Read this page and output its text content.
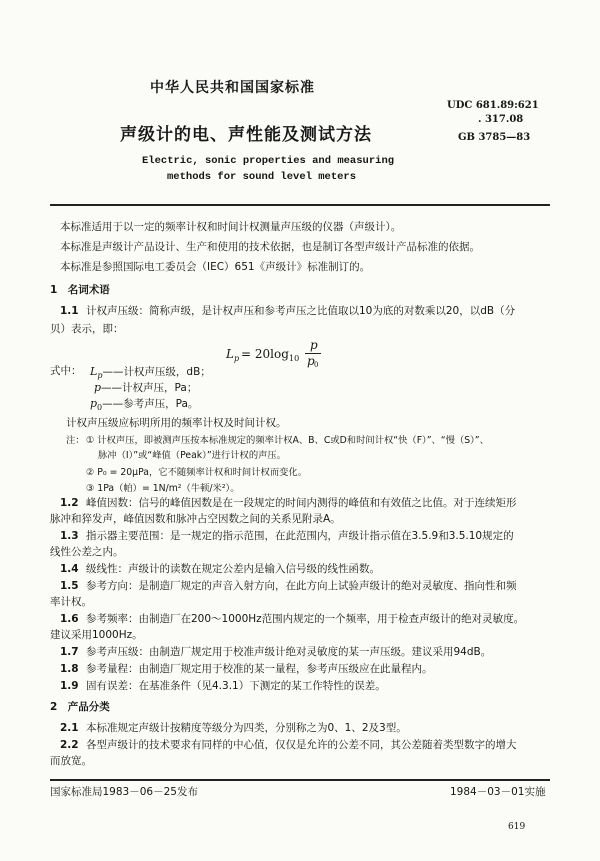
中华人民共和国国家标准
UDC 681.89:621
. 317.08
GB 3785—83
声级计的电、声性能及测试方法
Electric, sonic properties and measuring
methods for sound level meters
本标准适用于以一定的频率计权和时间计权测量声压级的仪器（声级计）。
本标准是声级计产品设计、生产和使用的技术依据，也是制订各型声级计产品标准的依据。
本标准是参照国际电工委员会（IEC）651《声级计》标准制订的。
1　名词术语
1.1 计权声压级：简称声级，是计权声压和参考声压之比值取以10为底的对数乘以20，以dB（分
贝）表示，即：
L p = 20log 10
p
p 0
式中： $L_p——$计权声压级，dB；
p——计权声压，Pa；
$p_0——$参考声压，Pa。
计权声压级应标明所用的频率计权及时间计权。
注： ① 计权声压，即被测声压按本标准规定的频率计权A、B、C或D和时间计权“快（F）”、“慢（S）”、
脉冲（I）”或“峰值（Peak）”进行计权的声压。
② P₀ = 20μPa，它不随频率计权和时间计权而变化。
③ 1Pa（帕）= 1N/m²（牛顿/米²）。
1.2 峰值因数：信号的峰值因数是在一段规定的时间内测得的峰值和有效值之比值。对于连续矩形
脉冲和猝发声，峰值因数和脉冲占空因数之间的关系见附录A。
1.3 指示器主要范围：是一规定的指示范围，在此范围内，声级计指示值在3.5.9和3.5.10规定的
线性公差之内。
1.4 级线性：声级计的读数在规定公差内是输入信号级的线性函数。
1.5 参考方向：是制造厂规定的声音入射方向，在此方向上试验声级计的绝对灵敏度、指向性和频
率计权。
1.6 参考频率：由制造厂在200～1000Hz范围内规定的一个频率，用于检查声级计的绝对灵敏度。
建议采用1000Hz。
1.7 参考声压级：由制造厂规定用于校准声级计绝对灵敏度的某一声压级。建议采用94dB。
1.8 参考量程：由制造厂规定用于校准的某一量程，参考声压级应在此量程内。
1.9 固有误差：在基准条件（见4.3.1）下测定的某工作特性的误差。
2　产品分类
2.1 本标准规定声级计按精度等级分为四类，分别称之为0、1、2及3型。
2.2 各型声级计的技术要求有同样的中心值，仅仅是允许的公差不同，其公差随着类型数字的增大
而放宽。
国家标准局1983－06－25发布	1984－03－01实施
619
